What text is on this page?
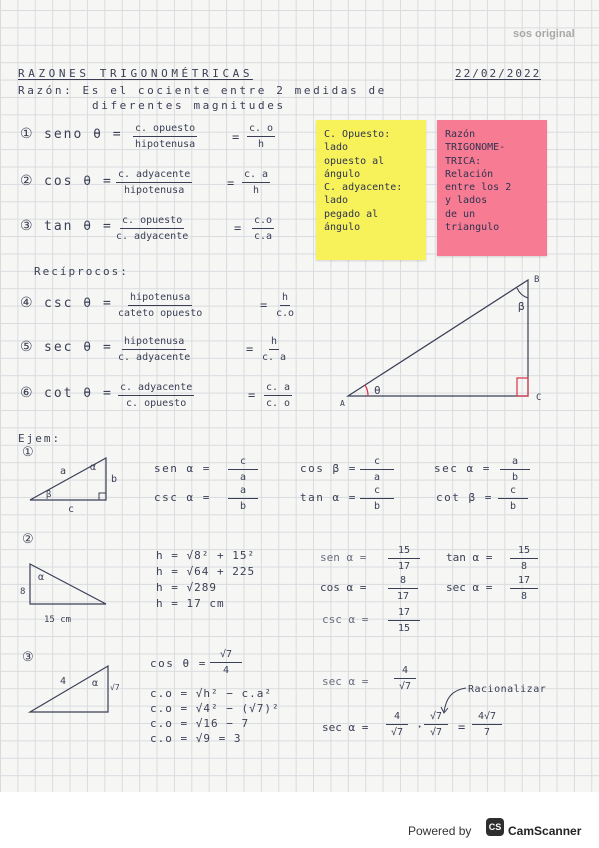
sos original
RAZONES TRIGONOMÉTRICAS	22/02/2022
Razón: Es el cociente entre 2 medidas de
diferentes magnitudes
① seno θ = c. opuesto
hipotenusa
= $\frac{c. o}{h}$
② cos θ = c. adyacente
hipotenusa
= $\frac{c. a}{h}$
③ tan θ = c. opuesto
c. adyacente
= $\frac{c.o}{c.a}$
C. Opuesto:
lado
opuesto al
ángulo
C. adyacente:
lado
pegado al
ángulo
Razón
TRIGONOME-
TRICA:
Relación
entre los 2
y lados
de un
triangulo
Recíprocos:
④ csc θ = hipotenusa
cateto opuesto
= $\frac{h}{c.o}$
⑤ sec θ = hipotenusa
c. adyacente
= $\frac{h}{c. a}$
⑥ cot θ = c. adyacente
c. opuesto
= $\frac{c. a}{c. o}$
B
A
C
β
θ
Ejem:
①
a
b
c
α
β
sen $\alpha = \frac{c}{a}$	$\cos \beta = \frac{c}{a}$	$\sec \alpha = \frac{a}{b}$
$\csc \alpha = \frac{a}{b}$	$\tan \alpha = \frac{c}{b}$	$\cot \beta = \frac{c}{b}$
②
8
α
15 cm
h = √8² + 15²
h = √64 + 225
h = √289
h = 17 cm
sen $\alpha = \frac{15}{17}$ $\tan \alpha = \frac{15}{8}$
$\cos \alpha = \frac{8}{17}$	$\sec \alpha = \frac{17}{8}$
$\csc \alpha = \frac{17}{15}$
③
4
√7
α
$\cos \theta = \frac{√7}{4}$
c.o = √h² − c.a²
c.o = √4² − (√7)²
c.o = √16 − 7
c.o = √9 = 3
sec α =	$\frac{4}{√7}$	Racionalizar
$\sec \alpha = \frac{4}{√7} \cdot \frac{√7}{√7} = \frac{4√7}{7}$
Powered by	CS CamScanner
